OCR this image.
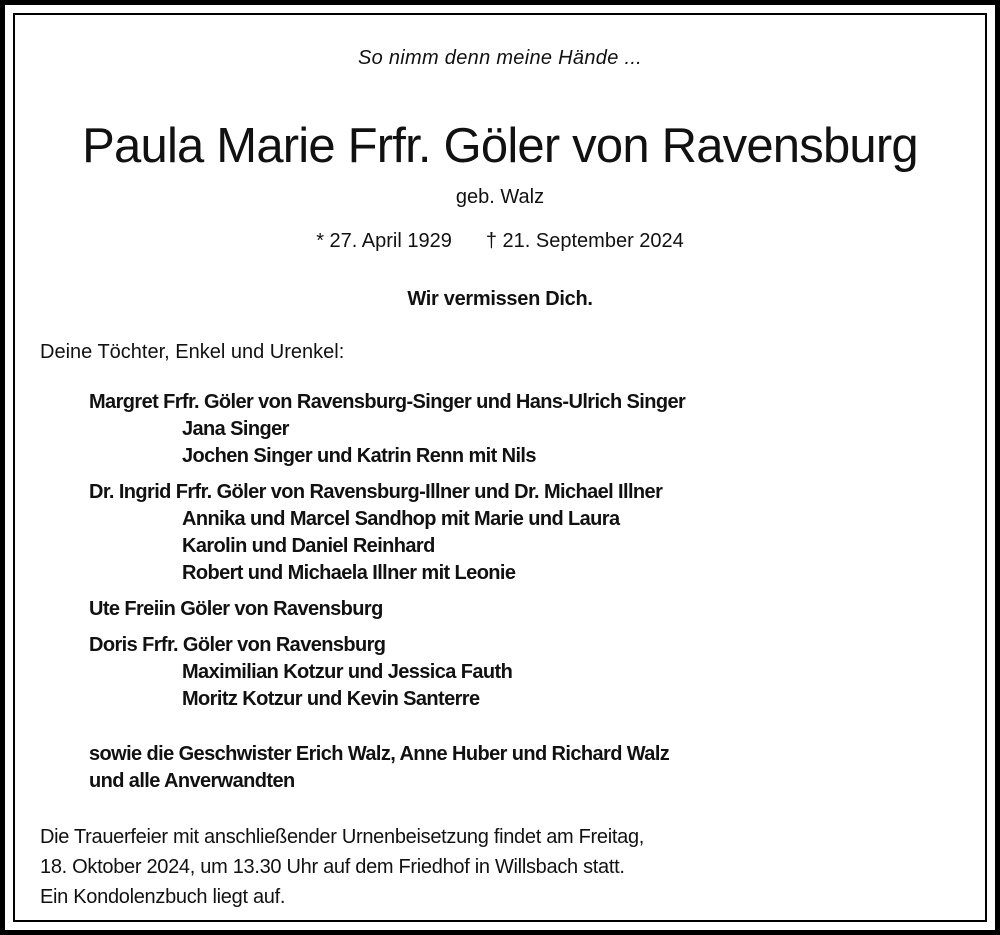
So nimm denn meine Hände ...
Paula Marie Frfr. Göler von Ravensburg
geb. Walz
* 27. April 1929 † 21. September 2024
Wir vermissen Dich.
Deine Töchter, Enkel und Urenkel:
Margret Frfr. Göler von Ravensburg-Singer und Hans-Ulrich Singer
Jana Singer
Jochen Singer und Katrin Renn mit Nils
Dr. Ingrid Frfr. Göler von Ravensburg-Illner und Dr. Michael Illner
Annika und Marcel Sandhop mit Marie und Laura
Karolin und Daniel Reinhard
Robert und Michaela Illner mit Leonie
Ute Freiin Göler von Ravensburg
Doris Frfr. Göler von Ravensburg
Maximilian Kotzur und Jessica Fauth
Moritz Kotzur und Kevin Santerre
sowie die Geschwister Erich Walz, Anne Huber und Richard Walz
und alle Anverwandten
Die Trauerfeier mit anschließender Urnenbeisetzung findet am Freitag,
18. Oktober 2024, um 13.30 Uhr auf dem Friedhof in Willsbach statt.
Ein Kondolenzbuch liegt auf.
